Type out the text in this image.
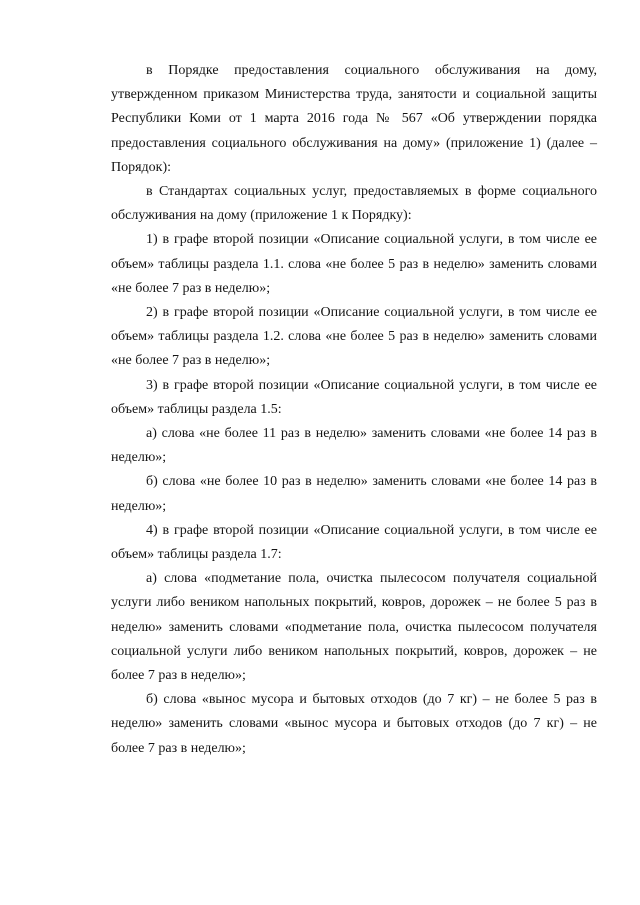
в Порядке предоставления социального обслуживания на дому, утвержденном приказом Министерства труда, занятости и социальной защиты Республики Коми от 1 марта 2016 года № 567 «Об утверждении порядка предоставления социального обслуживания на дому» (приложение 1) (далее – Порядок):

в Стандартах социальных услуг, предоставляемых в форме социального обслуживания на дому (приложение 1 к Порядку):

1) в графе второй позиции «Описание социальной услуги, в том числе ее объем» таблицы раздела 1.1. слова «не более 5 раз в неделю» заменить словами «не более 7 раз в неделю»;

2) в графе второй позиции «Описание социальной услуги, в том числе ее объем» таблицы раздела 1.2. слова «не более 5 раз в неделю» заменить словами «не более 7 раз в неделю»;

3) в графе второй позиции «Описание социальной услуги, в том числе ее объем» таблицы раздела 1.5:

а) слова «не более 11 раз в неделю» заменить словами «не более 14 раз в неделю»;

б) слова «не более 10 раз в неделю» заменить словами «не более 14 раз в неделю»;

4) в графе второй позиции «Описание социальной услуги, в том числе ее объем» таблицы раздела 1.7:

а) слова «подметание пола, очистка пылесосом получателя социальной услуги либо веником напольных покрытий, ковров, дорожек – не более 5 раз в неделю» заменить словами «подметание пола, очистка пылесосом получателя социальной услуги либо веником напольных покрытий, ковров, дорожек – не более 7 раз в неделю»;

б) слова «вынос мусора и бытовых отходов (до 7 кг) – не более 5 раз в неделю» заменить словами «вынос мусора и бытовых отходов (до 7 кг) – не более 7 раз в неделю»;
